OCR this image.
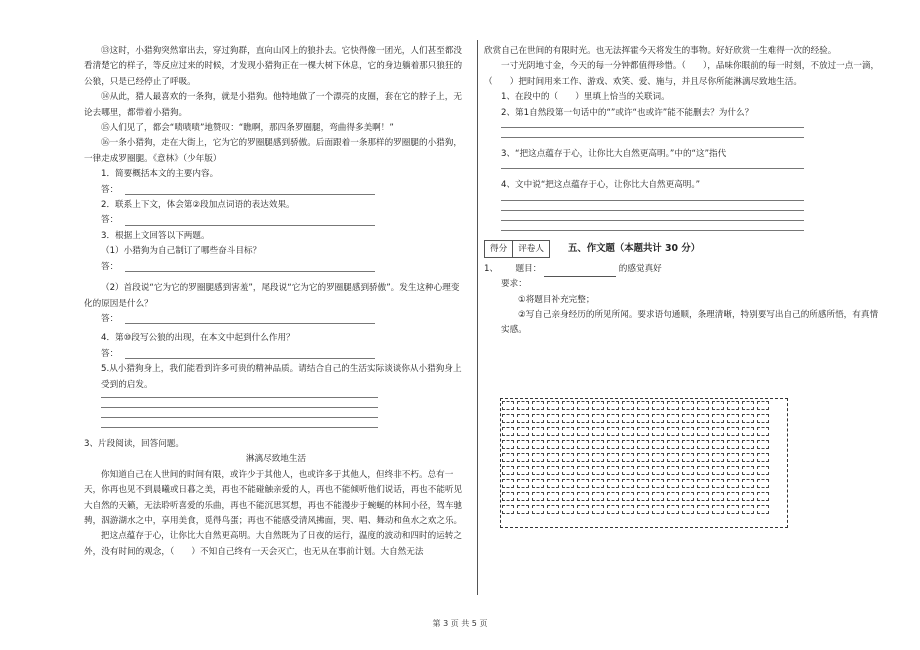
⑬这时，小猎狗突然窜出去，穿过狗群，直向山冈上的狼扑去。它快得像一团光，人们甚至都没看清楚它的样子，等反应过来的时候，才发现小猎狗正在一棵大树下休息，它的身边躺着那只狼狂的公狼，只是已经停止了呼吸。

⑭从此，猎人最喜欢的一条狗，就是小猎狗。他特地做了一个漂亮的皮圈，套在它的脖子上，无论去哪里，都带着小猎狗。

⑮人们见了，都会“啧啧啧”地赞叹：“瞧啊，那四条罗圈腿，弯曲得多美啊！”

⑯一条小猎狗，走在大街上，它为它的罗圈腿感到骄傲。后面跟着一条那样的罗圈腿的小猎狗，一律走成罗圈腿。《意林》（少年版）

1．简要概括本文的主要内容。

答：

2．联系上下文，体会第②段加点词语的表达效果。

答：

3．根据上文回答以下两题。

（1）小猎狗为自己制订了哪些奋斗目标？

答：

（2）首段说“它为它的罗圈腿感到害羞”，尾段说“它为它的罗圈腿感到骄傲”。发生这种心理变化的原因是什么？

答：

4．第⑩段写公狼的出现，在本文中起到什么作用？

答：

5.从小猎狗身上，我们能看到许多可贵的精神品质。请结合自己的生活实际谈谈你从小猎狗身上受到的启发。

3、片段阅读，回答问题。

淋漓尽致地生活

你知道自己在人世间的时间有限，或许少于其他人，也或许多于其他人，但终非不朽。总有一天，你再也见不到晨曦或日暮之美，再也不能碰触亲爱的人，再也不能倾听他们说话，再也不能听见大自然的天籁，无法聆听喜爱的乐曲，再也不能沉思冥想，再也不能漫步于蜿蜒的林间小径，驾车驰骋，泅游湖水之中，享用美食，觅得鸟蛋；再也不能感受清风拂面，哭、唱、舞动和鱼水之欢之乐。

把这点蕴存于心，让你比大自然更高明。大自然既为了日夜的运行，温度的波动和四时的运转之外，没有时间的观念，（　　）不知自己终有一天会灭亡，也无从在事前计划。大自然无法

欣赏自己在世间的有限时光。也无法挥霍今天将发生的事物。好好欣赏一生难得一次的经验。

一寸光阴地寸金，今天的每一分钟都值得珍惜。（　　），品味你眼前的每一时刻，不放过一点一滴，（　　）把时间用来工作、游戏、欢笑、爱、施与，并且尽你所能淋漓尽致地生活。

1、在段中的（　　）里填上恰当的关联词。

2、第1自然段第一句话中的“”或许“也或许”能不能删去？为什么？

3、“把这点蕴存于心，让你比大自然更高明。”中的“这”指代

4、文中说“把这点蕴存于心，让你比大自然更高明。”

得分	评卷人	五、作文题（本题共计 30 分）

1、 题目：	的感觉真好

要求：

①将题目补充完整；

②写自己亲身经历的所见所闻。要求语句通顺，条理清晰，特别要写出自己的所感所悟，有真情实感。

第 3 页 共 5 页
